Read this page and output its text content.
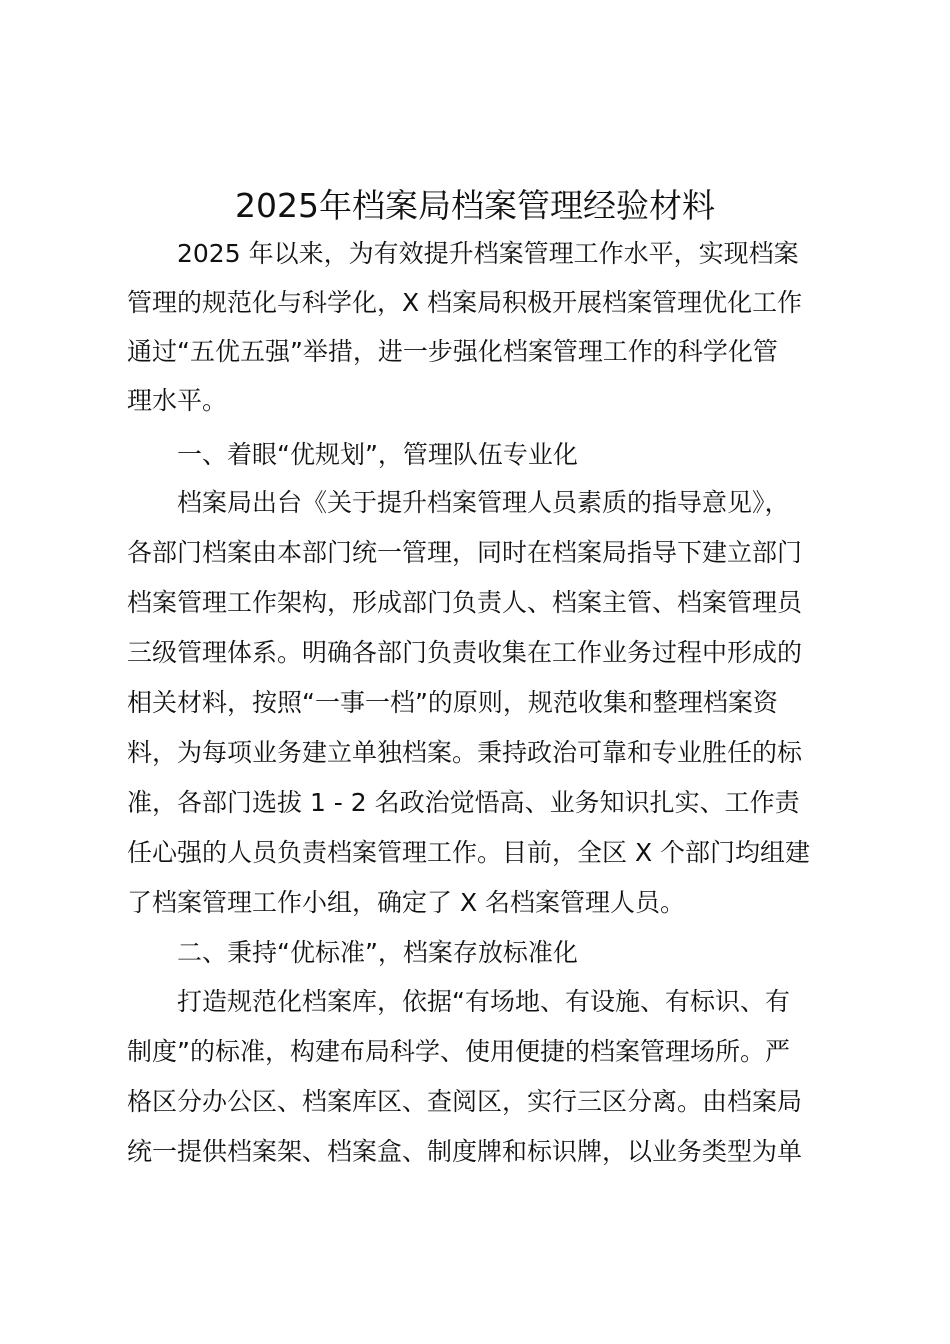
2025年档案局档案管理经验材料
2025 年以来，为有效提升档案管理工作水平，实现档案
管理的规范化与科学化，X 档案局积极开展档案管理优化工作
通过“五优五强”举措，进一步强化档案管理工作的科学化管
理水平。
一、着眼“优规划”，管理队伍专业化
档案局出台《关于提升档案管理人员素质的指导意见》，
各部门档案由本部门统一管理，同时在档案局指导下建立部门
档案管理工作架构，形成部门负责人、档案主管、档案管理员
三级管理体系。明确各部门负责收集在工作业务过程中形成的
相关材料，按照“一事一档”的原则，规范收集和整理档案资
料，为每项业务建立单独档案。秉持政治可靠和专业胜任的标
准，各部门选拔 1 - 2 名政治觉悟高、业务知识扎实、工作责
任心强的人员负责档案管理工作。目前，全区 X 个部门均组建
了档案管理工作小组，确定了 X 名档案管理人员。
二、秉持“优标准”，档案存放标准化
打造规范化档案库，依据“有场地、有设施、有标识、有
制度”的标准，构建布局科学、使用便捷的档案管理场所。严
格区分办公区、档案库区、查阅区，实行三区分离。由档案局
统一提供档案架、档案盒、制度牌和标识牌，以业务类型为单
